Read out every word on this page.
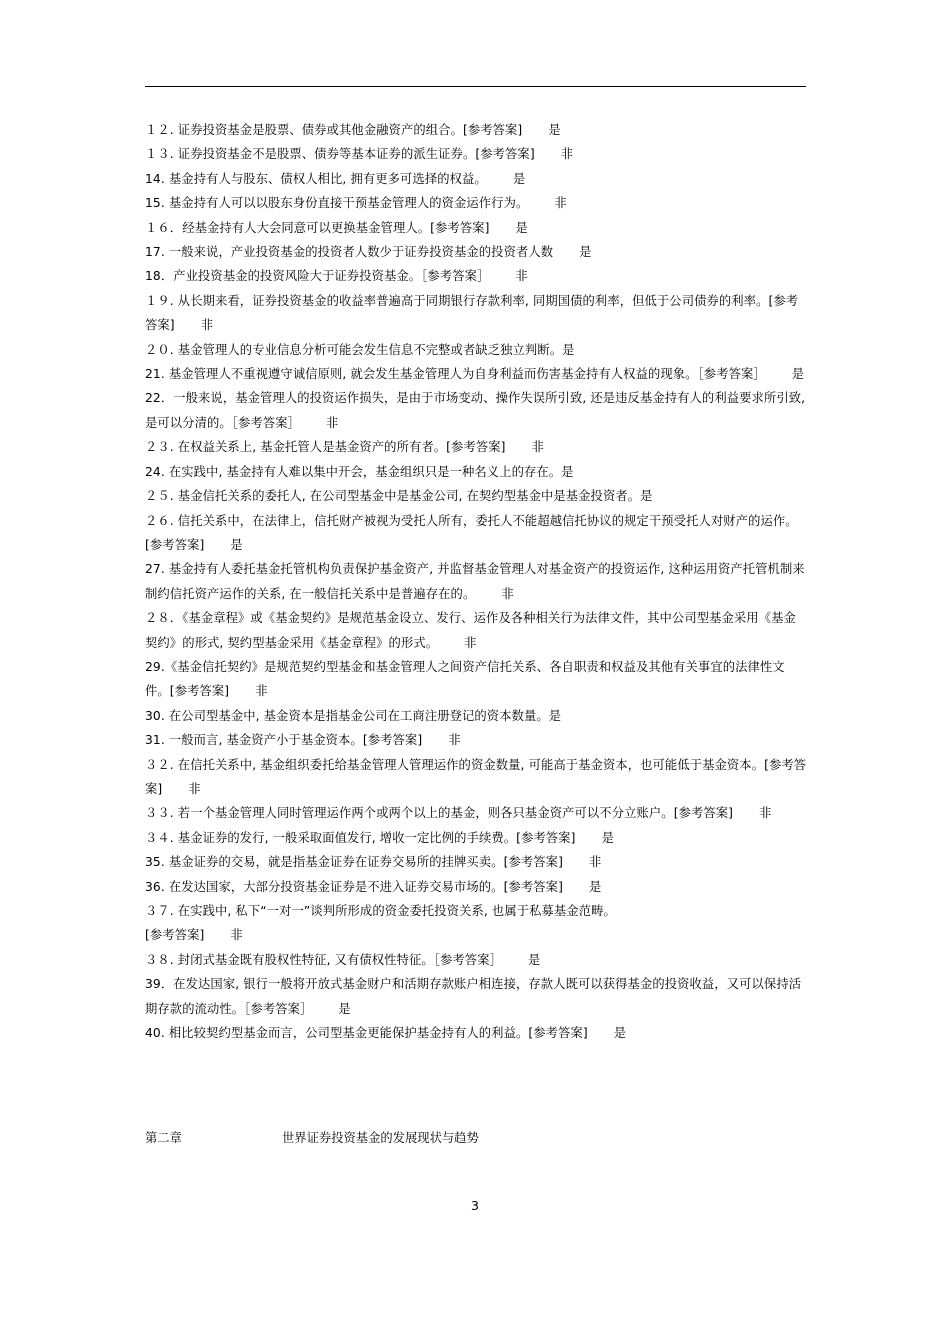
１２. 证券投资基金是股票、债券或其他金融资产的组合。[参考答案] 是

１３. 证券投资基金不是股票、债券等基本证券的派生证券。[参考答案] 非

14. 基金持有人与股东、债权人相比, 拥有更多可选择的权益。 是

15. 基金持有人可以以股东身份直接干预基金管理人的资金运作行为。 非

１６．经基金持有人大会同意可以更换基金管理人。[参考答案] 是

17. 一般来说，产业投资基金的投资者人数少于证券投资基金的投资者人数 是

18．产业投资基金的投资风险大于证券投资基金。［参考答案］ 非

１９. 从长期来看，证券投资基金的收益率普遍高于同期银行存款利率, 同期国债的利率，但低于公司债券的利率。[参考答案] 非

２０. 基金管理人的专业信息分析可能会发生信息不完整或者缺乏独立判断。是

21. 基金管理人不重视遵守诚信原则, 就会发生基金管理人为自身利益而伤害基金持有人权益的现象。［参考答案］ 是

22．一般来说，基金管理人的投资运作损失，是由于市场变动、操作失误所引致, 还是违反基金持有人的利益要求所引致, 是可以分清的。［参考答案］ 非

２３. 在权益关系上, 基金托管人是基金资产的所有者。[参考答案] 非

24. 在实践中, 基金持有人难以集中开会，基金组织只是一种名义上的存在。是

２５. 基金信托关系的委托人, 在公司型基金中是基金公司, 在契约型基金中是基金投资者。是

２６. 信托关系中，在法律上，信托财产被视为受托人所有，委托人不能超越信托协议的规定干预受托人对财产的运作。[参考答案] 是

27. 基金持有人委托基金托管机构负责保护基金资产, 并监督基金管理人对基金资产的投资运作, 这种运用资产托管机制来制约信托资产运作的关系, 在一般信托关系中是普遍存在的。 非

２８．《基金章程》或《基金契约》是规范基金设立、发行、运作及各种相关行为法律文件，其中公司型基金采用《基金契约》的形式, 契约型基金采用《基金章程》的形式。 非

29.《基金信托契约》是规范契约型基金和基金管理人之间资产信托关系、各自职责和权益及其他有关事宜的法律性文件。[参考答案] 非

30. 在公司型基金中, 基金资本是指基金公司在工商注册登记的资本数量。是

31. 一般而言, 基金资产小于基金资本。[参考答案] 非

３２. 在信托关系中, 基金组织委托给基金管理人管理运作的资金数量, 可能高于基金资本，也可能低于基金资本。[参考答案] 非

３３. 若一个基金管理人同时管理运作两个或两个以上的基金，则各只基金资产可以不分立账户。[参考答案] 非

３４. 基金证券的发行, 一般采取面值发行, 增收一定比例的手续费。[参考答案] 是

35. 基金证券的交易，就是指基金证券在证券交易所的挂牌买卖。[参考答案] 非

36. 在发达国家，大部分投资基金证券是不进入证券交易市场的。[参考答案] 是

３７. 在实践中, 私下“一对一”谈判所形成的资金委托投资关系, 也属于私募基金范畴。

[参考答案] 非

３８. 封闭式基金既有股权性特征, 又有债权性特征。［参考答案］ 是

39．在发达国家, 银行一般将开放式基金财户和活期存款账户相连接，存款人既可以获得基金的投资收益，又可以保持活期存款的流动性。［参考答案］ 是

40. 相比较契约型基金而言，公司型基金更能保护基金持有人的利益。[参考答案] 是

第二章	世界证券投资基金的发展现状与趋势
3
